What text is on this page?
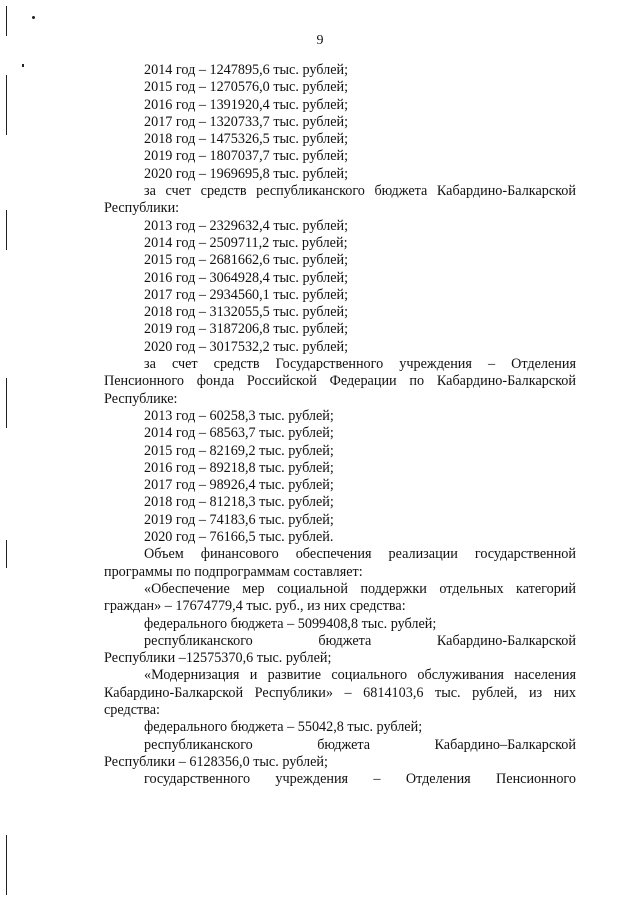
9
2014 год – 1247895,6 тыс. рублей;
2015 год – 1270576,0 тыс. рублей;
2016 год – 1391920,4 тыс. рублей;
2017 год – 1320733,7 тыс. рублей;
2018 год – 1475326,5 тыс. рублей;
2019 год – 1807037,7 тыс. рублей;
2020 год – 1969695,8 тыс. рублей;

за счет средств республиканского бюджета Кабардино-Балкарской Республики:

2013 год – 2329632,4 тыс. рублей;
2014 год – 2509711,2 тыс. рублей;
2015 год – 2681662,6 тыс. рублей;
2016 год – 3064928,4 тыс. рублей;
2017 год – 2934560,1 тыс. рублей;
2018 год – 3132055,5 тыс. рублей;
2019 год – 3187206,8 тыс. рублей;
2020 год – 3017532,2 тыс. рублей;

за счет средств Государственного учреждения – Отделения Пенсионного фонда Российской Федерации по Кабардино-Балкарской Республике:

2013 год – 60258,3 тыс. рублей;
2014 год – 68563,7 тыс. рублей;
2015 год – 82169,2 тыс. рублей;
2016 год – 89218,8 тыс. рублей;
2017 год – 98926,4 тыс. рублей;
2018 год – 81218,3 тыс. рублей;
2019 год – 74183,6 тыс. рублей;
2020 год – 76166,5 тыс. рублей.

Объем финансового обеспечения реализации государственной программы по подпрограммам составляет:

«Обеспечение мер социальной поддержки отдельных категорий граждан» – 17674779,4 тыс. руб., из них средства:

федерального бюджета – 5099408,8 тыс. рублей;
республиканского	бюджета	Кабардино-Балкарской
Республики –12575370,6 тыс. рублей;

«Модернизация и развитие социального обслуживания населения Кабардино-Балкарской Республики» – 6814103,6 тыс. рублей, из них средства:

федерального бюджета – 55042,8 тыс. рублей;
республиканского	бюджета	Кабардино–Балкарской
Республики – 6128356,0 тыс. рублей;
государственного учреждения – Отделения Пенсионного
